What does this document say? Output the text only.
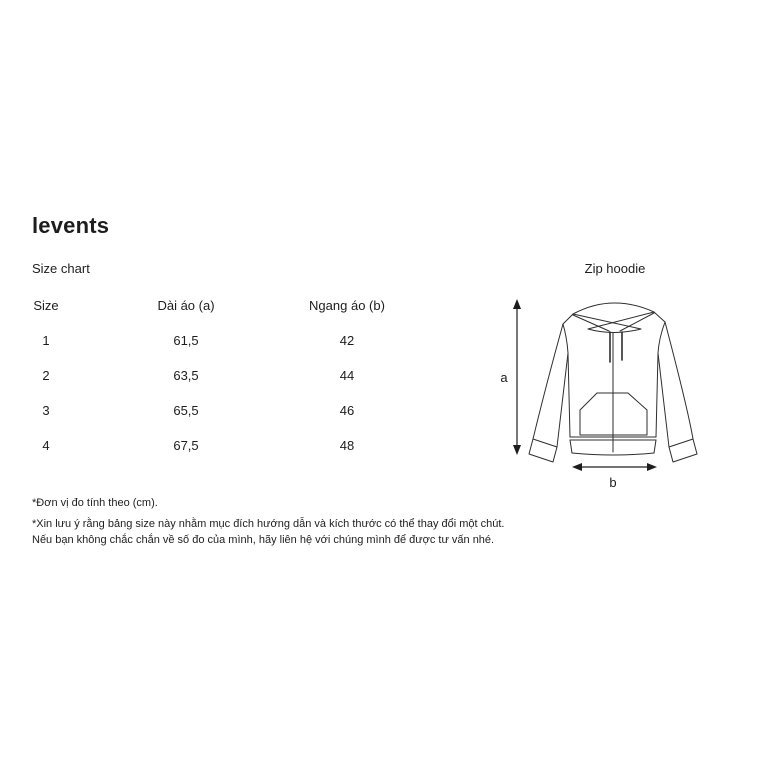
levents
Size chart	Zip hoodie
Size
1
2
3
4
Dài áo (a)
61,5
63,5
65,5
67,5
Ngang áo (b)
42
44
46
48
a
b
*Đơn vị đo tính theo (cm).
*Xin lưu ý rằng bảng size này nhằm mục đích hướng dẫn và kích thước có thể thay đổi một chút.
Nếu bạn không chắc chắn về số đo của mình, hãy liên hệ với chúng mình để được tư vấn nhé.
